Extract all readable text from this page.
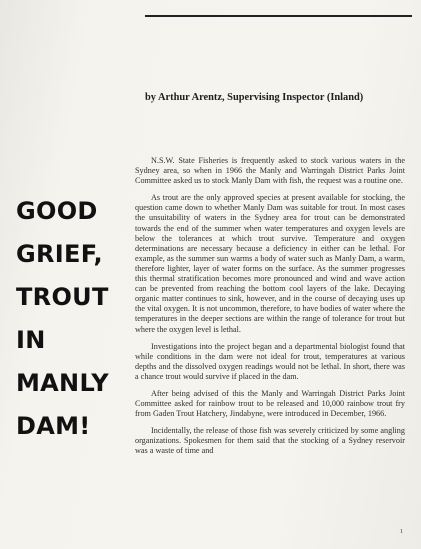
by Arthur Arentz, Supervising Inspector (Inland)
GOOD
GRIEF,
TROUT
IN
MANLY
DAM!

N.S.W. State Fisheries is frequently asked to stock various waters in the Sydney area, so when in 1966 the Manly and Warringah District Parks Joint Committee asked us to stock Manly Dam with fish, the request was a routine one.

As trout are the only approved species at present available for stocking, the question came down to whether Manly Dam was suitable for trout. In most cases the unsuitability of waters in the Sydney area for trout can be demonstrated towards the end of the summer when water temperatures and oxygen levels are below the tolerances at which trout survive. Temperature and oxygen determinations are necessary because a deficiency in either can be lethal. For example, as the summer sun warms a body of water such as Manly Dam, a warm, therefore lighter, layer of water forms on the surface. As the summer progresses this thermal stratification becomes more pronounced and wind and wave action can be prevented from reaching the bottom cool layers of the lake. Decaying organic matter continues to sink, however, and in the course of decaying uses up the vital oxygen. It is not uncommon, therefore, to have bodies of water where the temperatures in the deeper sections are within the range of tolerance for trout but where the oxygen level is lethal.

Investigations into the project began and a departmental biologist found that while conditions in the dam were not ideal for trout, temperatures at various depths and the dissolved oxygen readings would not be lethal. In short, there was a chance trout would survive if placed in the dam.

After being advised of this the Manly and Warringah District Parks Joint Committee asked for rainbow trout to be released and 10,000 rainbow trout fry from Gaden Trout Hatchery, Jindabyne, were introduced in December, 1966.

Incidentally, the release of those fish was severely criticized by some angling organizations. Spokesmen for them said that the stocking of a Sydney reservoir was a waste of time and

1
